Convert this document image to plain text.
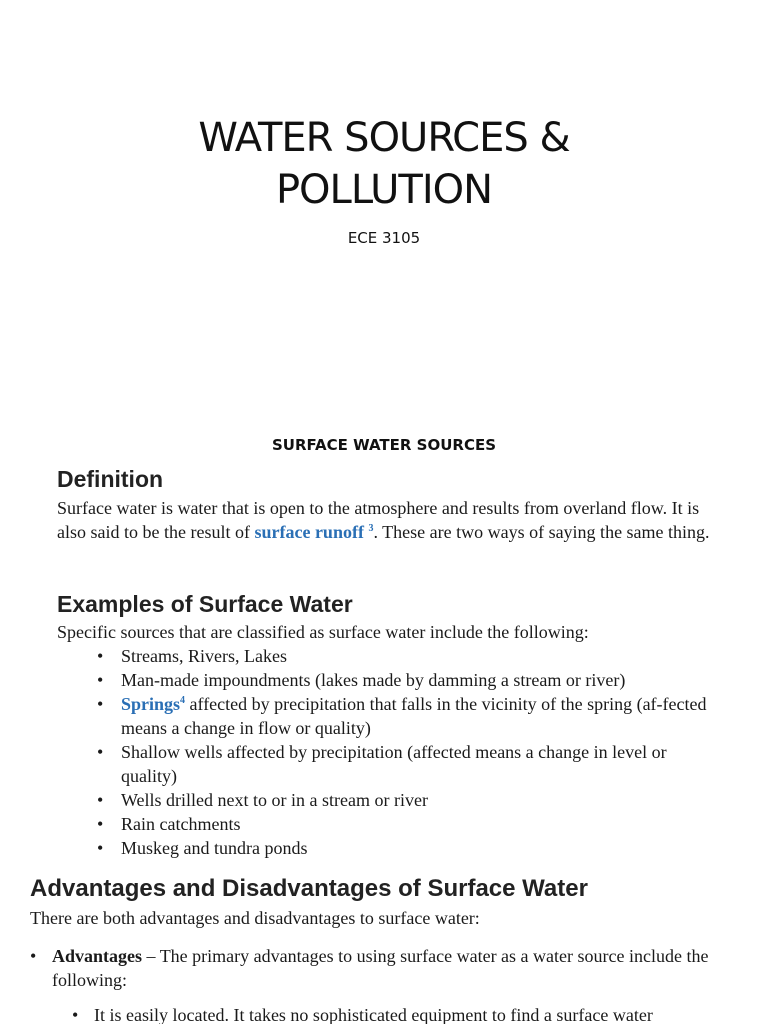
WATER SOURCES &
POLLUTION
ECE 3105
SURFACE WATER SOURCES
Definition

Surface water is water that is open to the atmosphere and results from overland flow. It is also said to be the result of surface runoff $^3$. These are two ways of saying the same thing.

Examples of Surface Water

Specific sources that are classified as surface water include the following:

• Streams, Rivers, Lakes
• Man-made impoundments (lakes made by damming a stream or river)
• Springs$^4$ affected by precipitation that falls in the vicinity of the spring (af-fected means a change in flow or quality)
• Shallow wells affected by precipitation (affected means a change in level or quality)
• Wells drilled next to or in a stream or river
• Rain catchments
• Muskeg and tundra ponds
Advantages and Disadvantages of Surface Water

There are both advantages and disadvantages to surface water:

• Advantages – The primary advantages to using surface water as a water source include the following:
• It is easily located. It takes no sophisticated equipment to find a surface water
